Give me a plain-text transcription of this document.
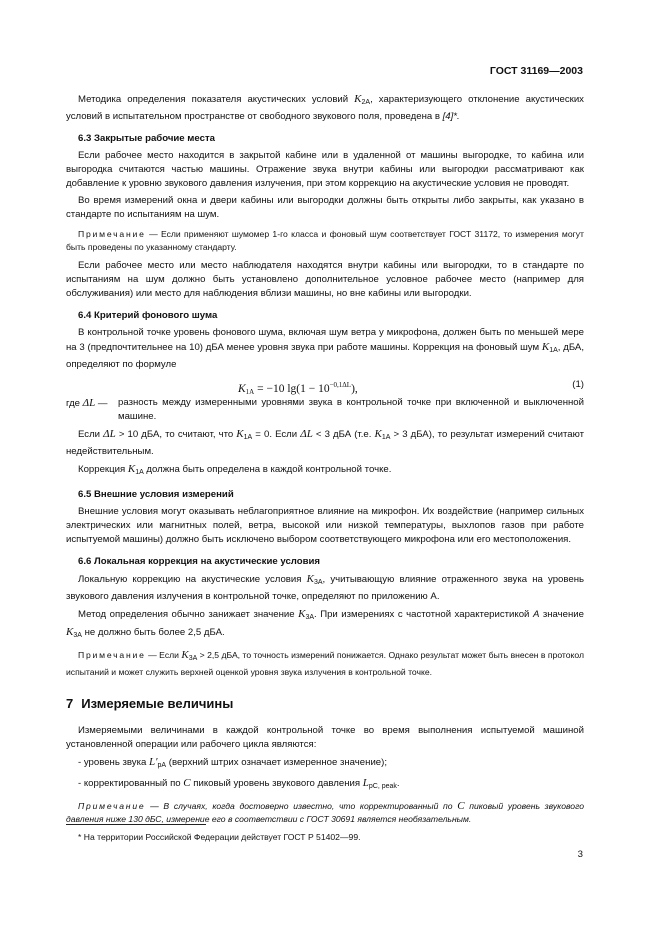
ГОСТ 31169—2003

Методика определения показателя акустических условий $K_{2A}$, характеризующего отклонение акустических условий в испытательном пространстве от свободного звукового поля, проведена в [4]*.

6.3 Закрытые рабочие места

Если рабочее место находится в закрытой кабине или в удаленной от машины выгородке, то кабина или выгородка считаются частью машины. Отражение звука внутри кабины или выгородки рассматривают как добавление к уровню звукового давления излучения, при этом коррекцию на акустические условия не проводят.

Во время измерений окна и двери кабины или выгородки должны быть открыты либо закрыты, как указано в стандарте по испытаниям на шум.

Примечание — Если применяют шумомер 1-го класса и фоновый шум соответствует ГОСТ 31172, то измерения могут быть проведены по указанному стандарту.

Если рабочее место или место наблюдателя находятся внутри кабины или выгородки, то в стандарте по испытаниям на шум должно быть установлено дополнительное условное рабочее место (например для обслуживания) или место для наблюдения вблизи машины, но вне кабины или выгородки.

6.4 Критерий фонового шума

В контрольной точке уровень фонового шума, включая шум ветра у микрофона, должен быть по меньшей мере на 3 (предпочтительнее на 10) дБА менее уровня звука при работе машины. Коррекция на фоновый шум $K_{1A}$, дБА, определяют по формуле

$K_{1A} = -10$ $\lg(1 - 10^{-0,1\Delta L})$,	(1)
где ΔL —	разность между измеренными уровнями звука в контрольной точке при включенной и выключенной машине.

Если ΔL > 10 дБА, то считают, что $K_{1A} = 0$. Если ΔL < 3 дБА (т.е. $K_{1A} > 3$ дБА), то результат измерений считают недействительным.

Коррекция $K_{1A}$ должна быть определена в каждой контрольной точке.

6.5 Внешние условия измерений

Внешние условия могут оказывать неблагоприятное влияние на микрофон. Их воздействие (например сильных электрических или магнитных полей, ветра, высокой или низкой температуры, выхлопов газов при работе испытуемой машины) должно быть исключено выбором соответствующего микрофона или его местоположения.

6.6 Локальная коррекция на акустические условия

Локальную коррекцию на акустические условия $K_{3A}$, учитывающую влияние отраженного звука на уровень звукового давления излучения в контрольной точке, определяют по приложению А.

Метод определения обычно занижает значение $K_{3A}$. При измерениях с частотной характеристикой А значение $K_{3A}$ не должно быть более 2,5 дБА.

Примечание — Если $K_{3A} > 2,5$ дБА, то точность измерений понижается. Однако результат может быть внесен в протокол испытаний и может служить верхней оценкой уровня звука излучения в контрольной точке.

7 Измеряемые величины

Измеряемыми величинами в каждой контрольной точке во время выполнения испытуемой машиной установленной операции или рабочего цикла являются:

- уровень звука $L'_{pA}$ (верхний штрих означает измеренное значение);

- корректированный по C пиковый уровень звукового давления $L_{pC, peak}$.

Примечание — В случаях, когда достоверно известно, что корректированный по C пиковый уровень звукового давления ниже 130 дБС, измерение его в соответствии с ГОСТ 30691 является необязательным.

* На территории Российской Федерации действует ГОСТ Р 51402—99.
3
